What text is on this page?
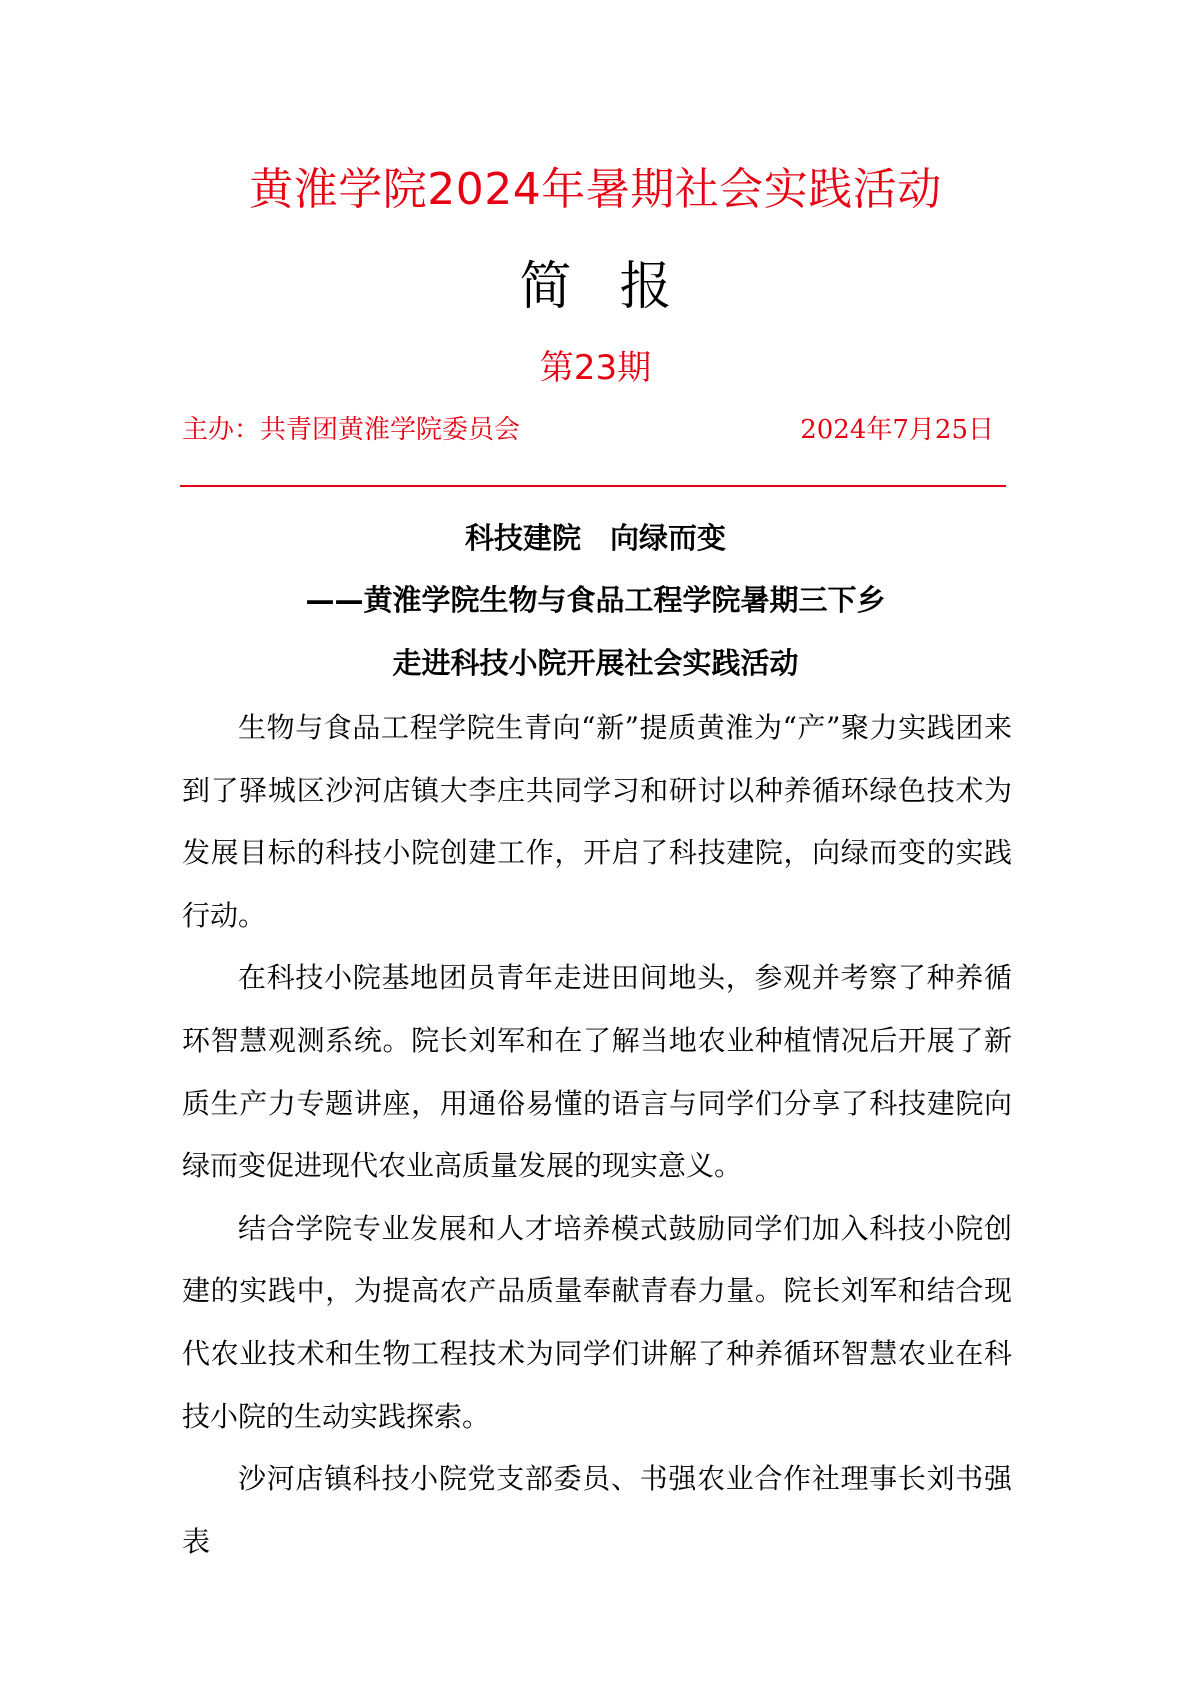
黄淮学院2024年暑期社会实践活动
简报
第23期
主办：共青团黄淮学院委员会	2024年7月25日
科技建院　向绿而变
——黄淮学院生物与食品工程学院暑期三下乡
走进科技小院开展社会实践活动

生物与食品工程学院生青向“新”提质黄淮为“产”聚力实践团来到了驿城区沙河店镇大李庄共同学习和研讨以种养循环绿色技术为发展目标的科技小院创建工作，开启了科技建院，向绿而变的实践行动。

在科技小院基地团员青年走进田间地头，参观并考察了种养循环智慧观测系统。院长刘军和在了解当地农业种植情况后开展了新质生产力专题讲座，用通俗易懂的语言与同学们分享了科技建院向绿而变促进现代农业高质量发展的现实意义。

结合学院专业发展和人才培养模式鼓励同学们加入科技小院创建的实践中，为提高农产品质量奉献青春力量。院长刘军和结合现代农业技术和生物工程技术为同学们讲解了种养循环智慧农业在科技小院的生动实践探索。

沙河店镇科技小院党支部委员、书强农业合作社理事长刘书强表
